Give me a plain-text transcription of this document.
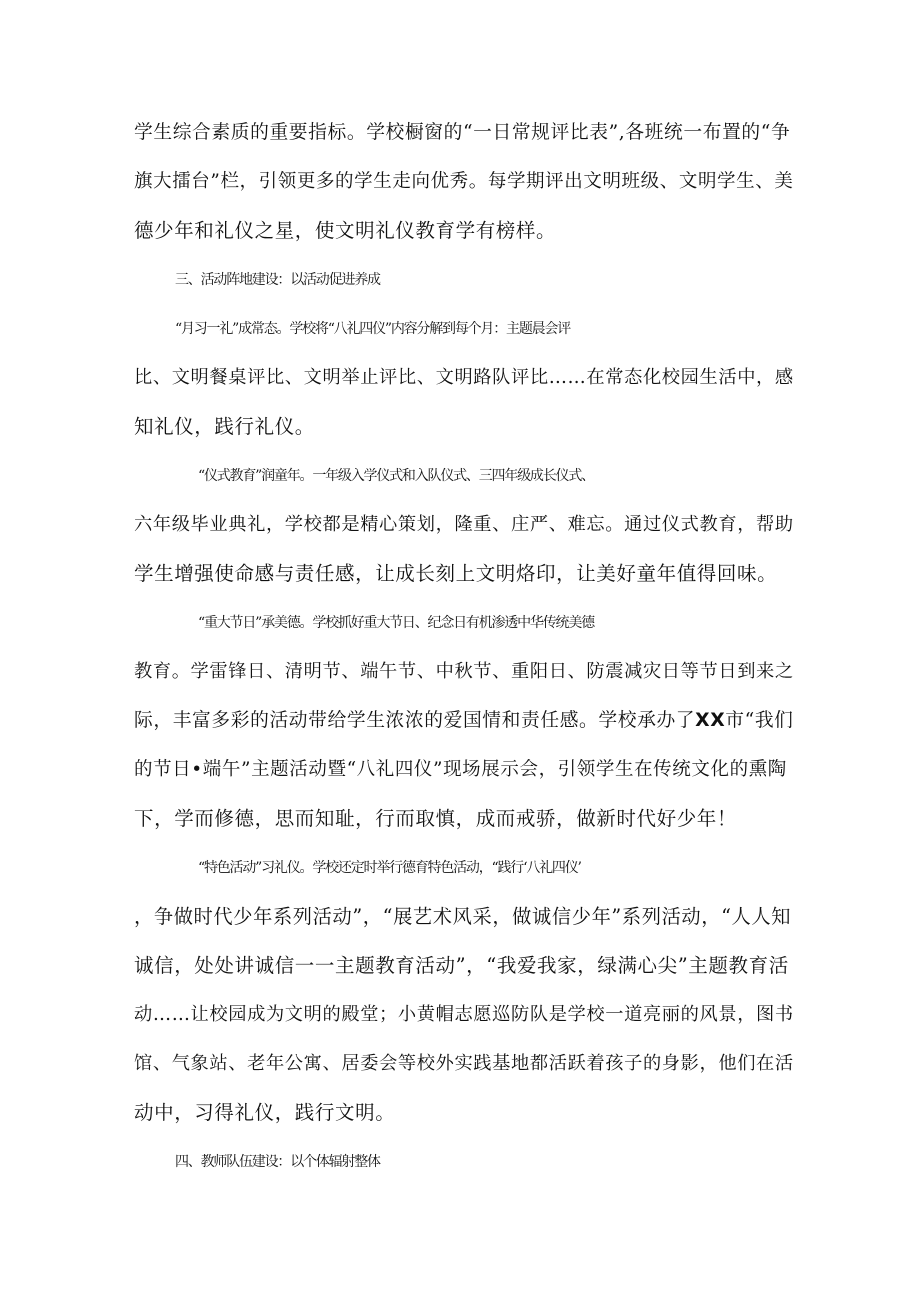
学生综合素质的重要指标。学校橱窗的“一日常规评比表”,各班统一布置的“争
旗大擂台”栏，引领更多的学生走向优秀。每学期评出文明班级、文明学生、美
德少年和礼仪之星，使文明礼仪教育学有榜样。
三、活动阵地建设：以活动促进养成
“月习一礼”成常态。学校将“八礼四仪”内容分解到每个月：主题晨会评
比、文明餐桌评比、文明举止评比、文明路队评比……在常态化校园生活中，感
知礼仪，践行礼仪。
“仪式教育”润童年。一年级入学仪式和入队仪式、三四年级成长仪式、
六年级毕业典礼，学校都是精心策划，隆重、庄严、难忘。通过仪式教育，帮助
学生增强使命感与责任感，让成长刻上文明烙印，让美好童年值得回味。
“重大节日”承美德。学校抓好重大节日、纪念日有机渗透中华传统美德
教育。学雷锋日、清明节、端午节、中秋节、重阳日、防震减灾日等节日到来之
际，丰富多彩的活动带给学生浓浓的爱国情和责任感。学校承办了XX市“我们
的节日•端午”主题活动暨“八礼四仪”现场展示会，引领学生在传统文化的熏陶
下，学而修德，思而知耻，行而取慎，成而戒骄，做新时代好少年！
“特色活动”习礼仪。学校还定时举行德育特色活动，“践行‘八礼四仪’
，争做时代少年系列活动”，“展艺术风采，做诚信少年”系列活动，“人人知
诚信，处处讲诚信一一主题教育活动”，“我爱我家，绿满心尖”主题教育活
动……让校园成为文明的殿堂；小黄帽志愿巡防队是学校一道亮丽的风景，图书
馆、气象站、老年公寓、居委会等校外实践基地都活跃着孩子的身影，他们在活
动中，习得礼仪，践行文明。
四、教师队伍建设：以个体辐射整体
